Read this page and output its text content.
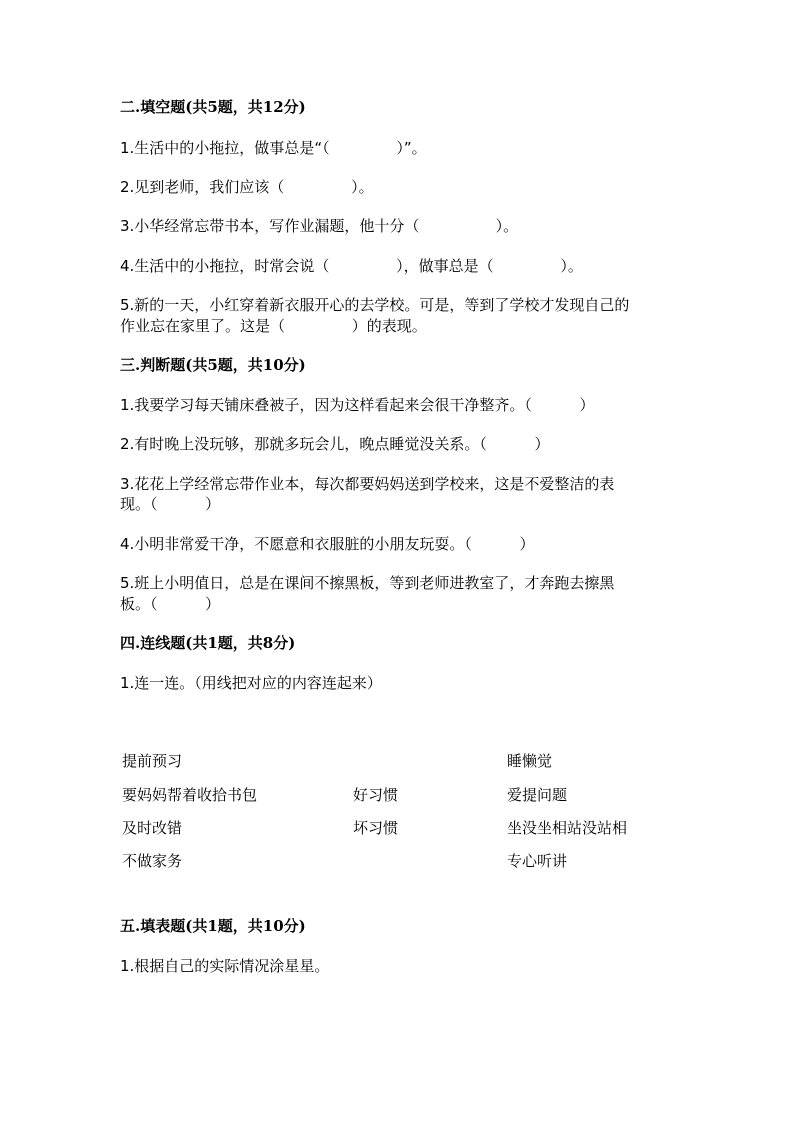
二.填空题(共5题，共12分)
1.生活中的小拖拉，做事总是“（              ）”。
2.见到老师，我们应该（              ）。
3.小华经常忘带书本，写作业漏题，他十分（                ）。
4.生活中的小拖拉，时常会说（              ），做事总是（              ）。
5.新的一天，小红穿着新衣服开心的去学校。可是，等到了学校才发现自己的
作业忘在家里了。这是（              ）的表现。
三.判断题(共5题，共10分)
1.我要学习每天铺床叠被子，因为这样看起来会很干净整齐。（          ）
2.有时晚上没玩够，那就多玩会儿，晚点睡觉没关系。（          ）
3.花花上学经常忘带作业本，每次都要妈妈送到学校来，这是不爱整洁的表
现。（          ）
4.小明非常爱干净，不愿意和衣服脏的小朋友玩耍。（          ）
5.班上小明值日，总是在课间不擦黑板，等到老师进教室了，才奔跑去擦黑
板。（          ）
四.连线题(共1题，共8分)
1.连一连。（用线把对应的内容连起来）
提前预习
要妈妈帮着收拾书包
及时改错
不做家务
好习惯
坏习惯
睡懒觉
爱提问题
坐没坐相站没站相
专心听讲
五.填表题(共1题，共10分)
1.根据自己的实际情况涂星星。
